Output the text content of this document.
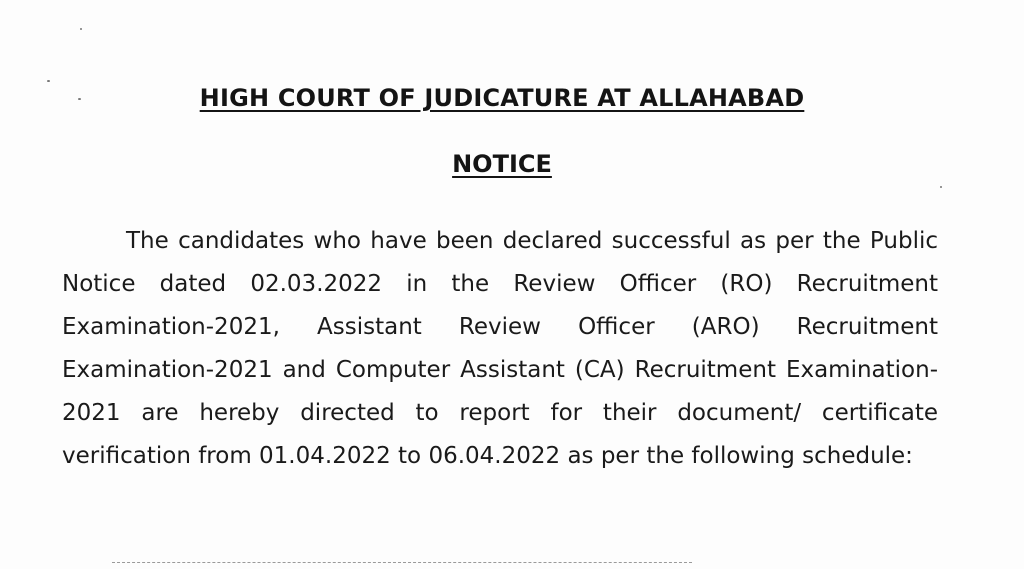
HIGH COURT OF JUDICATURE AT ALLAHABAD
NOTICE

The candidates who have been declared successful as per the Public Notice dated 02.03.2022 in the Review Officer (RO) Recruitment Examination-2021, Assistant Review Officer (ARO) Recruitment Examination-2021 and Computer Assistant (CA) Recruitment Examination-2021 are hereby directed to report for their document/ certificate verification from 01.04.2022 to 06.04.2022 as per the following schedule:
